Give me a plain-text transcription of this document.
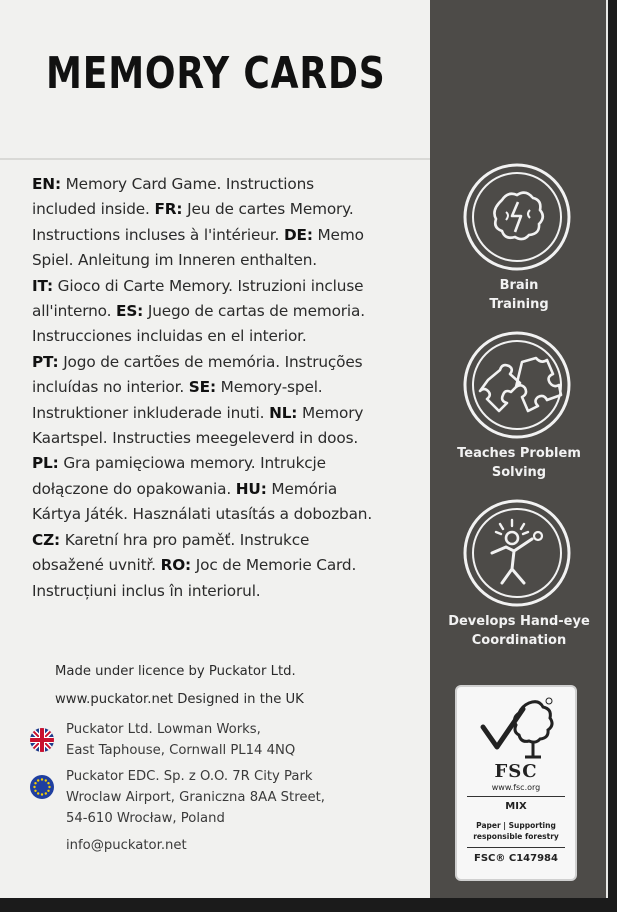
MEMORY CARDS
EN: Memory Card Game. Instructions
included inside. FR: Jeu de cartes Memory.
Instructions incluses à l'intérieur. DE: Memo
Spiel. Anleitung im Inneren enthalten.
IT: Gioco di Carte Memory. Istruzioni incluse
all'interno. ES: Juego de cartas de memoria.
Instrucciones incluidas en el interior.
PT: Jogo de cartões de memória. Instruções
incluídas no interior. SE: Memory-spel.
Instruktioner inkluderade inuti. NL: Memory
Kaartspel. Instructies meegeleverd in doos.
PL: Gra pamięciowa memory. Intrukcje
dołączone do opakowania. HU: Memória
Kártya Játék. Használati utasítás a dobozban.
CZ: Karetní hra pro paměť. Instrukce
obsažené uvnitř. RO: Joc de Memorie Card.
Instrucțiuni inclus în interiorul.
Made under licence by Puckator Ltd.
www.puckator.net Designed in the UK
Puckator Ltd. Lowman Works,
East Taphouse, Cornwall PL14 4NQ
Puckator EDC. Sp. z O.O. 7R City Park
Wroclaw Airport, Graniczna 8AA Street,
54-610 Wrocław, Poland
info@puckator.net
Brain
Training
Teaches Problem
Solving
Develops Hand-eye
Coordination
FSC
www.fsc.org
MIX
Paper | Supporting
responsible forestry
FSC® C147984
